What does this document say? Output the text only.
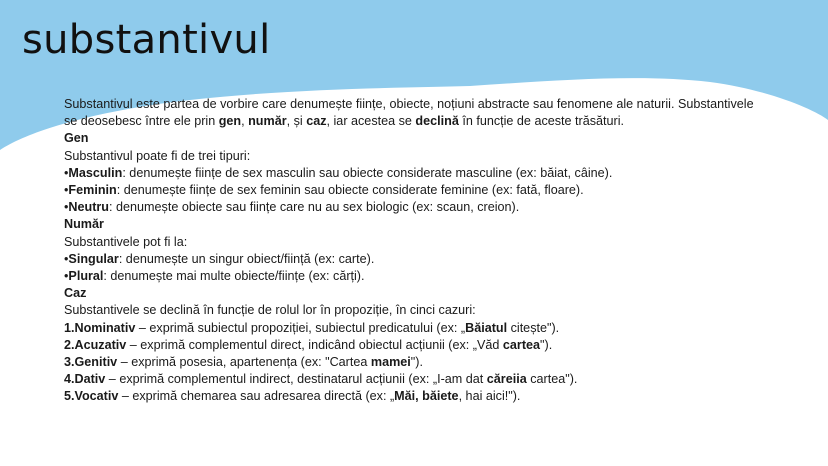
substantivul

Substantivul este partea de vorbire care denumește ființe, obiecte, noțiuni abstracte sau fenomene ale naturii. Substantivele se deosebesc între ele prin gen, număr, și caz, iar acestea se declină în funcție de aceste trăsături.

Gen

Substantivul poate fi de trei tipuri:

•Masculin: denumește ființe de sex masculin sau obiecte considerate masculine (ex: băiat, câine).

•Feminin: denumește ființe de sex feminin sau obiecte considerate feminine (ex: fată, floare).

•Neutru: denumește obiecte sau ființe care nu au sex biologic (ex: scaun, creion).

Număr

Substantivele pot fi la:

•Singular: denumește un singur obiect/ființă (ex: carte).

•Plural: denumește mai multe obiecte/ființe (ex: cărți).

Caz

Substantivele se declină în funcție de rolul lor în propoziție, în cinci cazuri:

1.Nominativ – exprimă subiectul propoziției, subiectul predicatului (ex: „Băiatul citește").

2.Acuzativ – exprimă complementul direct, indicând obiectul acțiunii (ex: „Văd cartea").

3.Genitiv – exprimă posesia, apartenența (ex: "Cartea mamei").

4.Dativ – exprimă complementul indirect, destinatarul acțiunii (ex: „I-am dat căreiia cartea").

5.Vocativ – exprimă chemarea sau adresarea directă (ex: „Măi, băiete, hai aici!").
